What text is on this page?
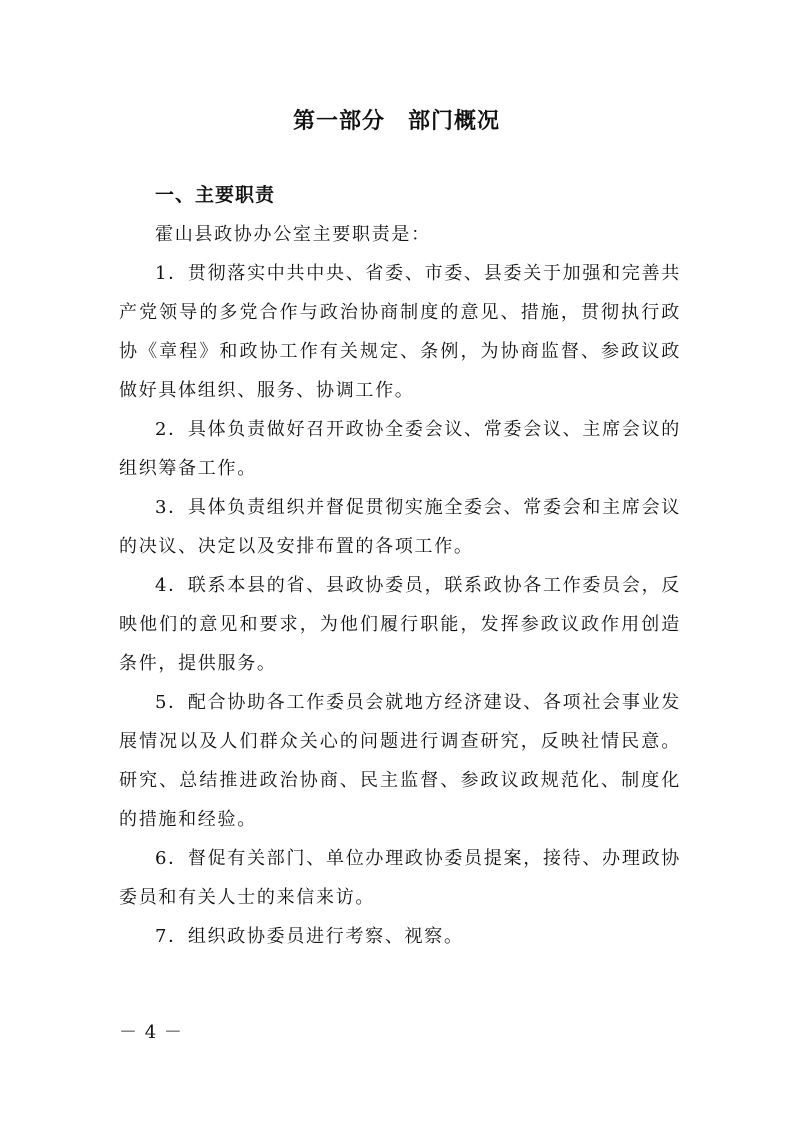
第一部分　部门概况
一、主要职责

霍山县政协办公室主要职责是：

1．贯彻落实中共中央、省委、市委、县委关于加强和完善共产党领导的多党合作与政治协商制度的意见、措施，贯彻执行政协《章程》和政协工作有关规定、条例，为协商监督、参政议政做好具体组织、服务、协调工作。

2．具体负责做好召开政协全委会议、常委会议、主席会议的组织筹备工作。

3．具体负责组织并督促贯彻实施全委会、常委会和主席会议的决议、决定以及安排布置的各项工作。

4．联系本县的省、县政协委员，联系政协各工作委员会，反映他们的意见和要求，为他们履行职能，发挥参政议政作用创造条件，提供服务。

5．配合协助各工作委员会就地方经济建设、各项社会事业发展情况以及人们群众关心的问题进行调查研究，反映社情民意。研究、总结推进政治协商、民主监督、参政议政规范化、制度化的措施和经验。

6．督促有关部门、单位办理政协委员提案，接待、办理政协委员和有关人士的来信来访。

7．组织政协委员进行考察、视察。

－ 4 －
